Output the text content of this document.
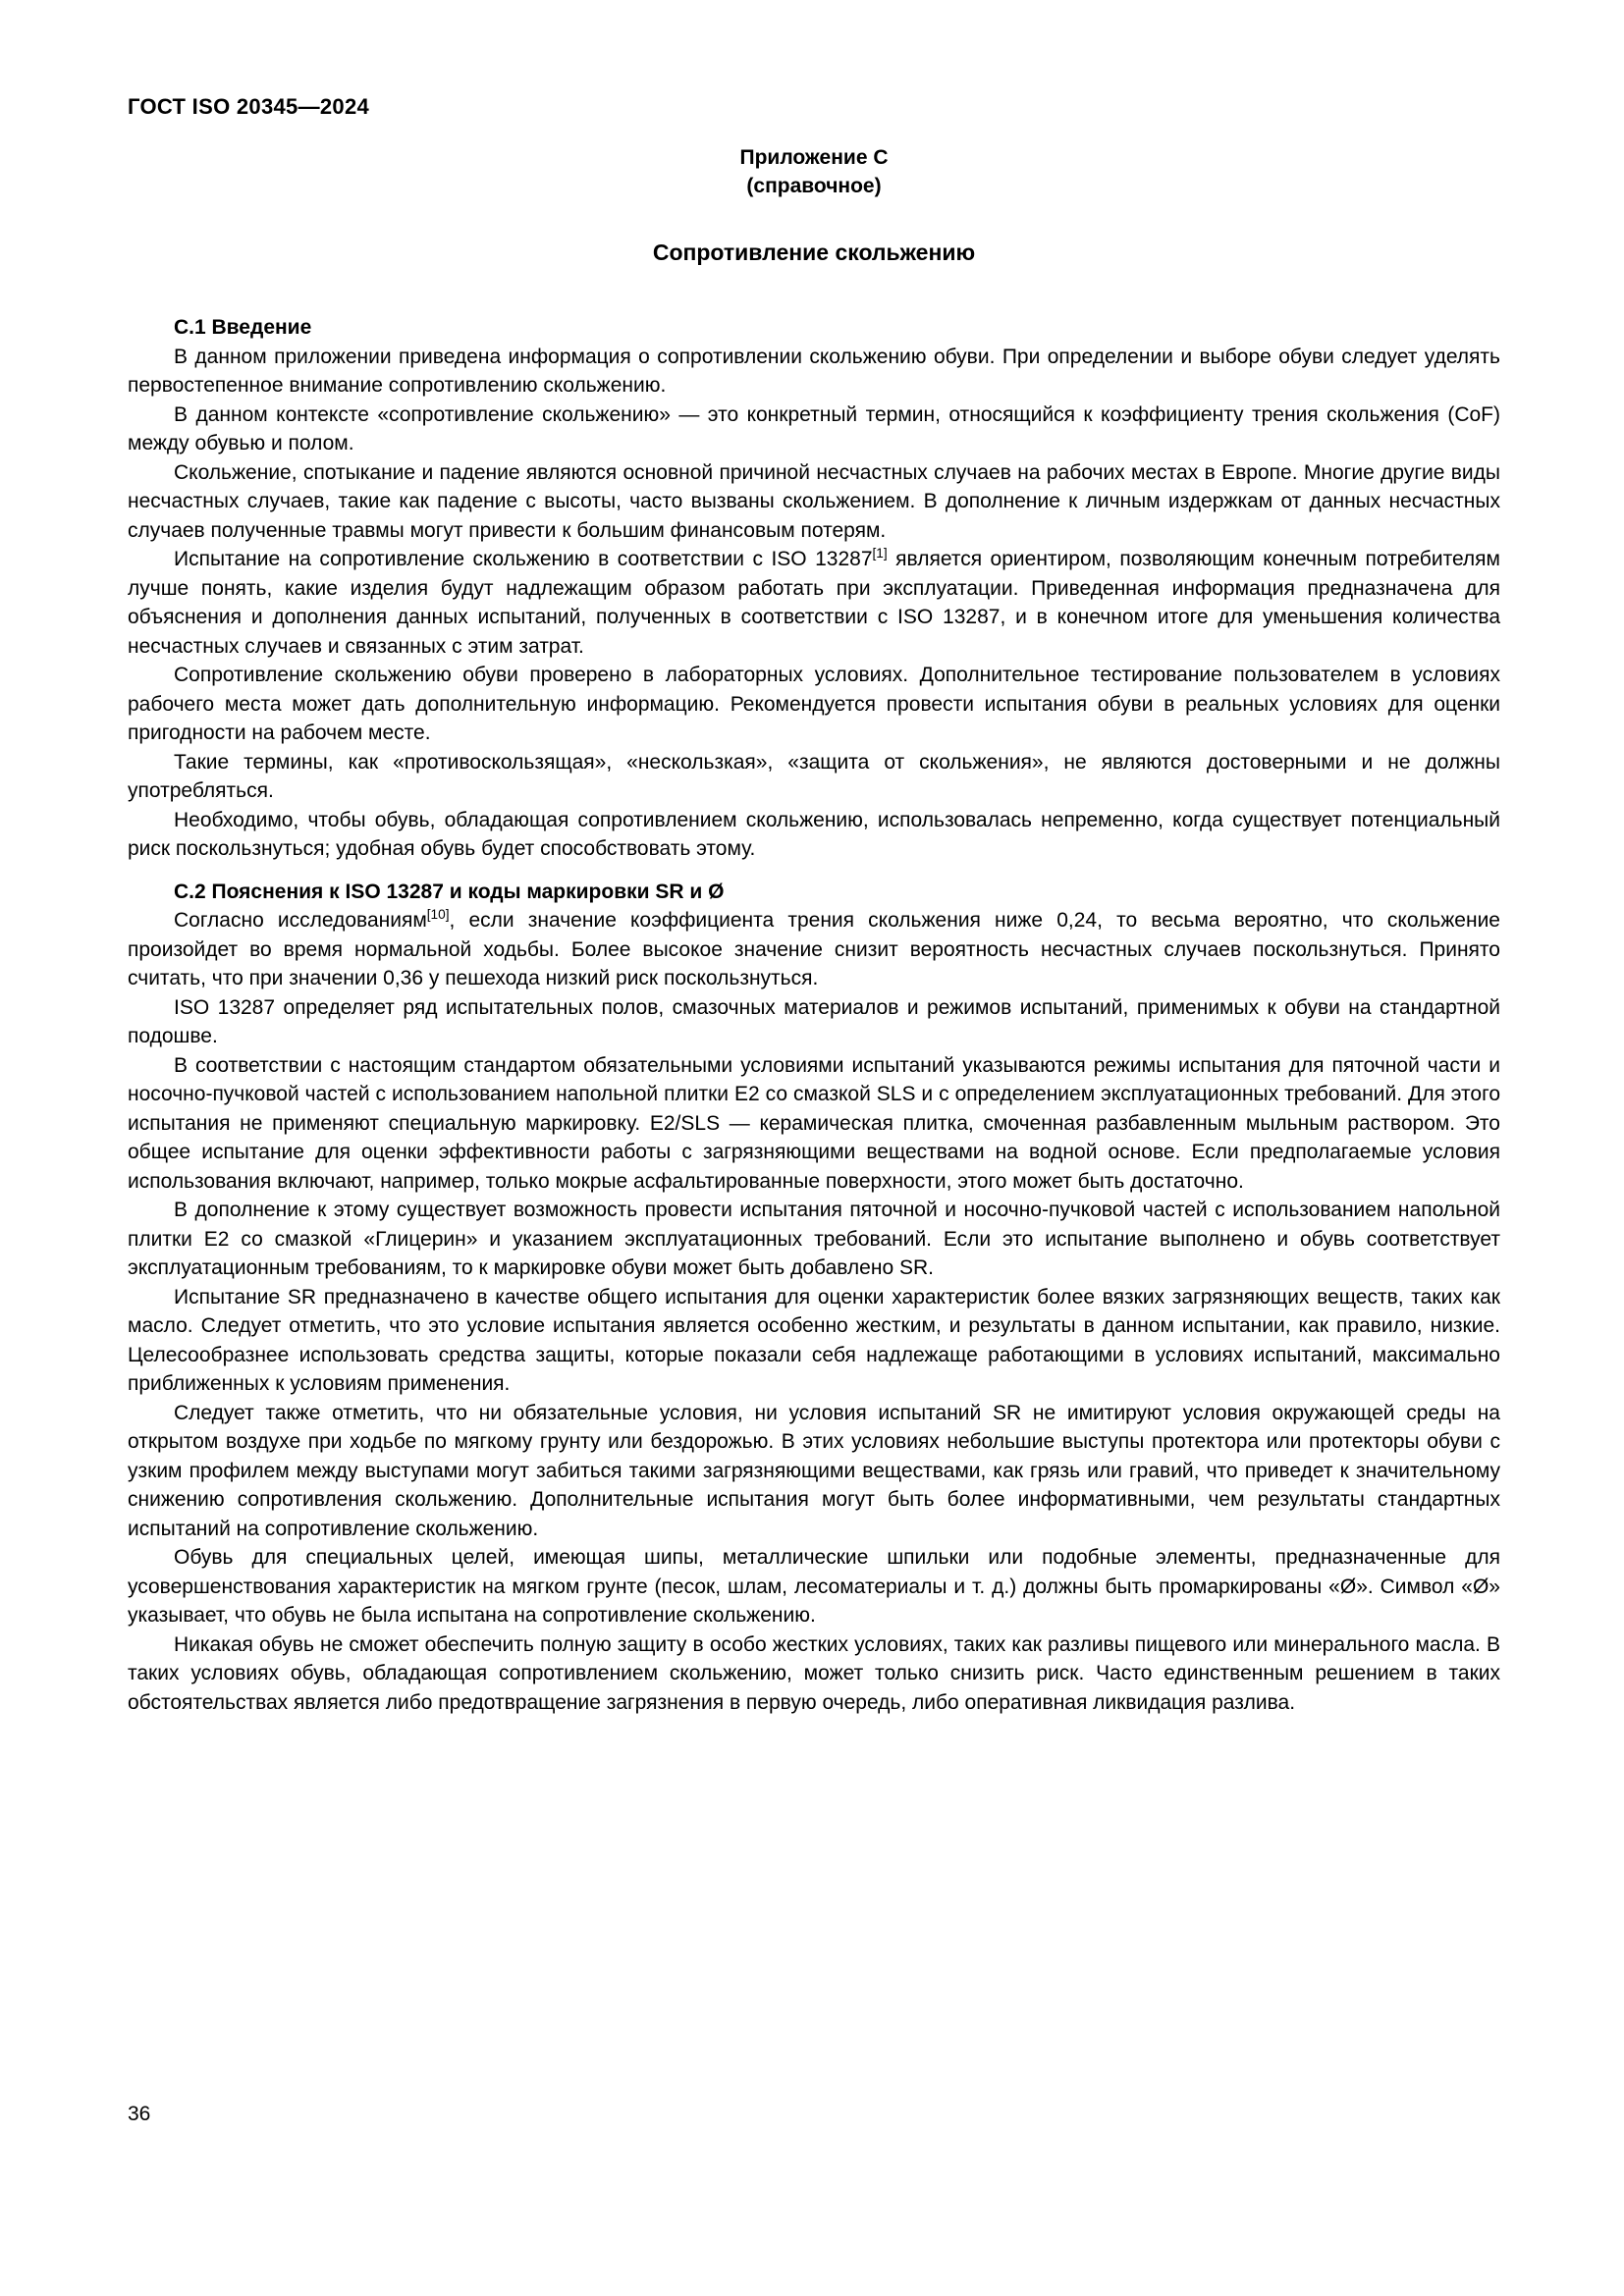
ГОСТ ISO 20345—2024
Приложение С
(справочное)
Сопротивление скольжению
С.1 Введение

В данном приложении приведена информация о сопротивлении скольжению обуви. При определении и выборе обуви следует уделять первостепенное внимание сопротивлению скольжению.

В данном контексте «сопротивление скольжению» — это конкретный термин, относящийся к коэффициенту трения скольжения (CoF) между обувью и полом.

Скольжение, спотыкание и падение являются основной причиной несчастных случаев на рабочих местах в Европе. Многие другие виды несчастных случаев, такие как падение с высоты, часто вызваны скольжением. В дополнение к личным издержкам от данных несчастных случаев полученные травмы могут привести к большим финансовым потерям.

Испытание на сопротивление скольжению в соответствии с ISO 13287[1] является ориентиром, позволяющим конечным потребителям лучше понять, какие изделия будут надлежащим образом работать при эксплуатации. Приведенная информация предназначена для объяснения и дополнения данных испытаний, полученных в соответствии с ISO 13287, и в конечном итоге для уменьшения количества несчастных случаев и связанных с этим затрат.

Сопротивление скольжению обуви проверено в лабораторных условиях. Дополнительное тестирование пользователем в условиях рабочего места может дать дополнительную информацию. Рекомендуется провести испытания обуви в реальных условиях для оценки пригодности на рабочем месте.

Такие термины, как «противоскользящая», «нескользкая», «защита от скольжения», не являются достоверными и не должны употребляться.

Необходимо, чтобы обувь, обладающая сопротивлением скольжению, использовалась непременно, когда существует потенциальный риск поскользнуться; удобная обувь будет способствовать этому.

С.2 Пояснения к ISO 13287 и коды маркировки SR и Ø

Согласно исследованиям[10], если значение коэффициента трения скольжения ниже 0,24, то весьма вероятно, что скольжение произойдет во время нормальной ходьбы. Более высокое значение снизит вероятность несчастных случаев поскользнуться. Принято считать, что при значении 0,36 у пешехода низкий риск поскользнуться.

ISO 13287 определяет ряд испытательных полов, смазочных материалов и режимов испытаний, применимых к обуви на стандартной подошве.

В соответствии с настоящим стандартом обязательными условиями испытаний указываются режимы испытания для пяточной части и носочно-пучковой частей с использованием напольной плитки Е2 со смазкой SLS и с определением эксплуатационных требований. Для этого испытания не применяют специальную маркировку. E2/SLS — керамическая плитка, смоченная разбавленным мыльным раствором. Это общее испытание для оценки эффективности работы с загрязняющими веществами на водной основе. Если предполагаемые условия использования включают, например, только мокрые асфальтированные поверхности, этого может быть достаточно.

В дополнение к этому существует возможность провести испытания пяточной и носочно-пучковой частей с использованием напольной плитки Е2 со смазкой «Глицерин» и указанием эксплуатационных требований. Если это испытание выполнено и обувь соответствует эксплуатационным требованиям, то к маркировке обуви может быть добавлено SR.

Испытание SR предназначено в качестве общего испытания для оценки характеристик более вязких загрязняющих веществ, таких как масло. Следует отметить, что это условие испытания является особенно жестким, и результаты в данном испытании, как правило, низкие. Целесообразнее использовать средства защиты, которые показали себя надлежаще работающими в условиях испытаний, максимально приближенных к условиям применения.

Следует также отметить, что ни обязательные условия, ни условия испытаний SR не имитируют условия окружающей среды на открытом воздухе при ходьбе по мягкому грунту или бездорожью. В этих условиях небольшие выступы протектора или протекторы обуви с узким профилем между выступами могут забиться такими загрязняющими веществами, как грязь или гравий, что приведет к значительному снижению сопротивления скольжению. Дополнительные испытания могут быть более информативными, чем результаты стандартных испытаний на сопротивление скольжению.

Обувь для специальных целей, имеющая шипы, металлические шпильки или подобные элементы, предназначенные для усовершенствования характеристик на мягком грунте (песок, шлам, лесоматериалы и т. д.) должны быть промаркированы «Ø». Символ «Ø» указывает, что обувь не была испытана на сопротивление скольжению.

Никакая обувь не сможет обеспечить полную защиту в особо жестких условиях, таких как разливы пищевого или минерального масла. В таких условиях обувь, обладающая сопротивлением скольжению, может только снизить риск. Часто единственным решением в таких обстоятельствах является либо предотвращение загрязнения в первую очередь, либо оперативная ликвидация разлива.

36
